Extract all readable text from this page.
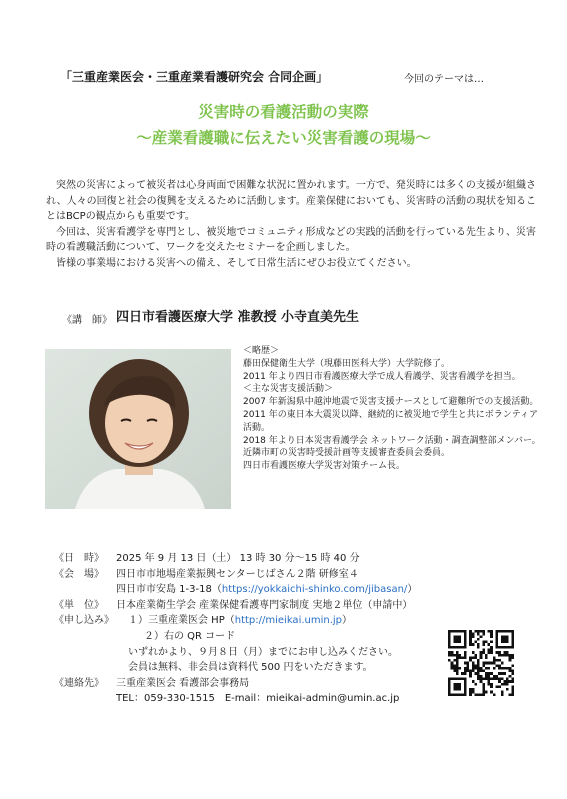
「三重産業医会・三重産業看護研究会 合同企画」	今回のテーマは…
災害時の看護活動の実際
～産業看護職に伝えたい災害看護の現場～

突然の災害によって被災者は心身両面で困難な状況に置かれます。一方で、発災時には多くの支援が組織され、人々の回復と社会の復興を支えるために活動します。産業保健においても、災害時の活動の現状を知ることはBCPの観点からも重要です。

今回は、災害看護学を専門とし、被災地でコミュニティ形成などの実践的活動を行っている先生より、災害時の看護職活動について、ワークを交えたセミナーを企画しました。

皆様の事業場における災害への備え、そして日常生活にぜひお役立てください。

《講　師》 四日市看護医療大学 准教授 小寺直美先生
＜略歴＞
藤田保健衛生大学（現藤田医科大学）大学院修了。
2011 年より四日市看護医療大学で成人看護学、災害看護学を担当。
＜主な災害支援活動＞
2007 年新潟県中越沖地震で災害支援ナースとして避難所での支援活動。
2011 年の東日本大震災以降、継続的に被災地で学生と共にボランティア活動。
2018 年より日本災害看護学会 ネットワーク活動・調査調整部メンバー。
近隣市町の災害時受援計画等支援審査委員会委員。
四日市看護医療大学災害対策チーム長。
《日　時》 2025 年 9 月 13 日（土） 13 時 30 分～15 時 40 分
《会　場》 四日市市地場産業振興センターじばさん２階 研修室４
四日市市安島 1-3-18（https://yokkaichi-shinko.com/jibasan/）
《単　位》 日本産業衛生学会 産業保健看護専門家制度 実地２単位（申請中）
《申し込み》 １）三重産業医会 HP（http://mieikai.umin.jp）
２）右の QR コード
いずれかより、９月８日（月）までにお申し込みください。
会員は無料、非会員は資料代 500 円をいただきます。
《連絡先》 三重産業医会 看護部会事務局
TEL：059-330-1515　E-mail：mieikai-admin@umin.ac.jp
